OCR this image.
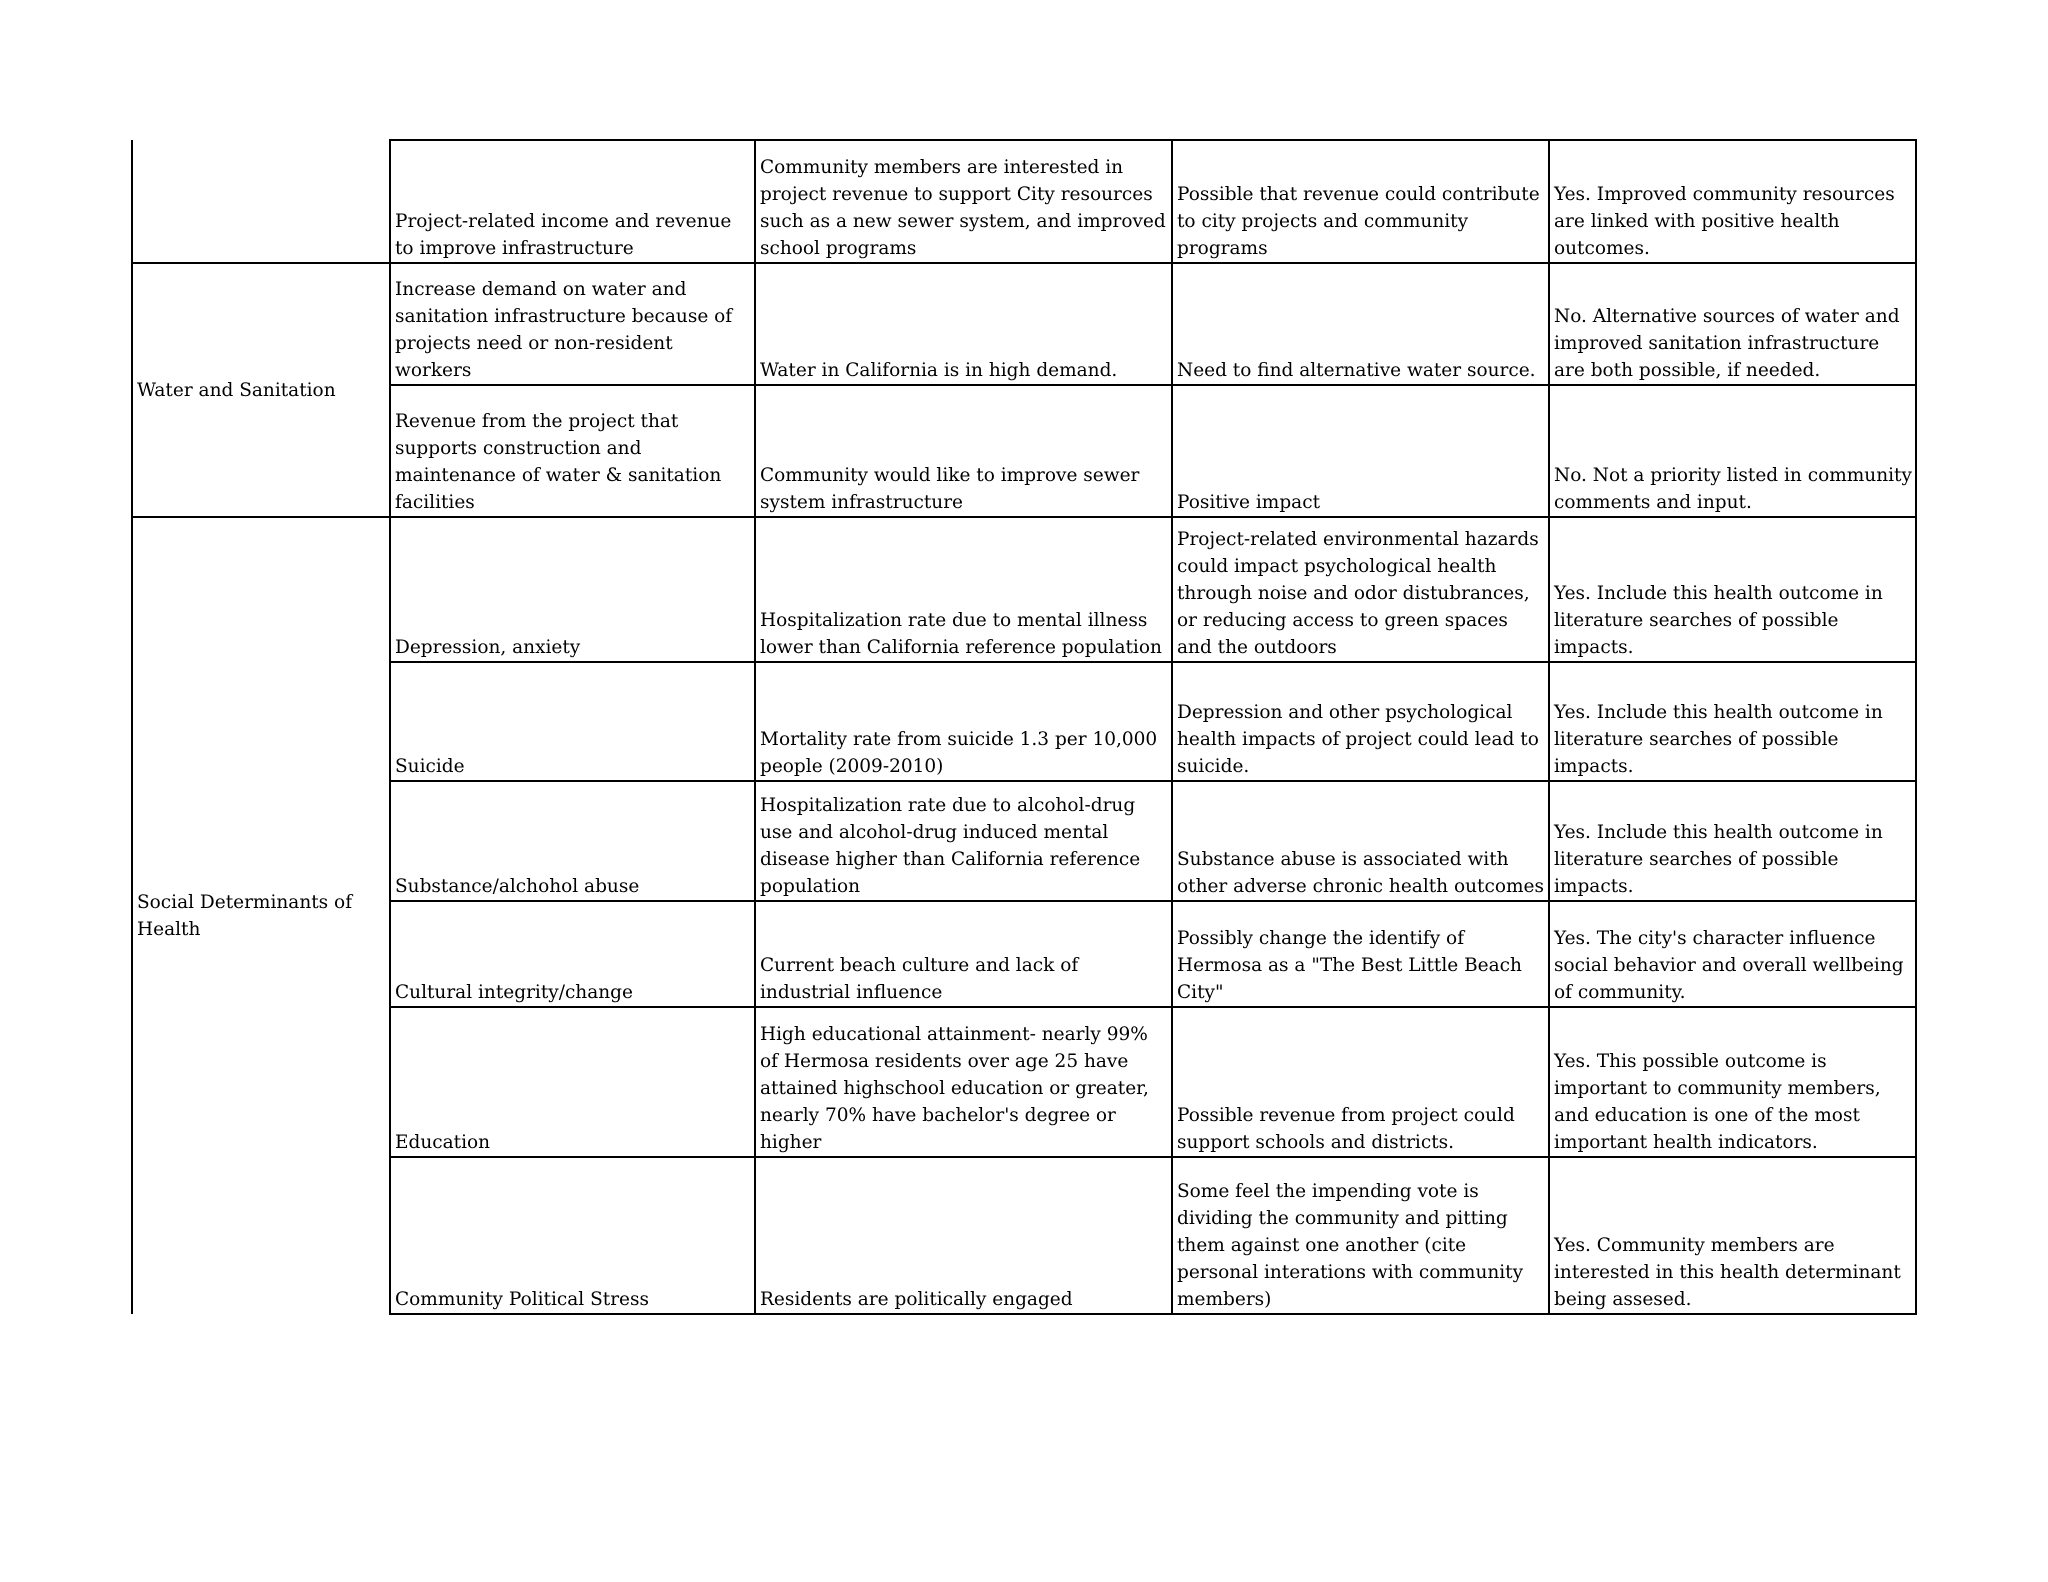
	Project-related income and revenue to improve infrastructure	Community members are interested in project revenue to support City resources such as a new sewer system, and improved school programs	Possible that revenue could contribute to city projects and community programs	Yes. Improved community resources are linked with positive health outcomes.
Water and Sanitation	Increase demand on water and sanitation infrastructure because of projects need or non-resident workers	Water in California is in high demand.	Need to find alternative water source.	No. Alternative sources of water and improved sanitation infrastructure are both possible, if needed.
	Revenue from the project that supports construction and maintenance of water & sanitation facilities	Community would like to improve sewer system infrastructure	Positive impact	No. Not a priority listed in community comments and input.
Social Determinants of Health	Depression, anxiety	Hospitalization rate due to mental illness lower than California reference population	Project-related environmental hazards could impact psychological health through noise and odor distubrances, or reducing access to green spaces and the outdoors	Yes. Include this health outcome in literature searches of possible impacts.
	Suicide	Mortality rate from suicide 1.3 per 10,000 people (2009-2010)	Depression and other psychological health impacts of project could lead to suicide.	Yes. Include this health outcome in literature searches of possible impacts.
	Substance/alchohol abuse	Hospitalization rate due to alcohol-drug use and alcohol-drug induced mental disease higher than California reference population	Substance abuse is associated with other adverse chronic health outcomes	Yes. Include this health outcome in literature searches of possible impacts.
	Cultural integrity/change	Current beach culture and lack of industrial influence	Possibly change the identify of Hermosa as a "The Best Little Beach City"	Yes. The city's character influence social behavior and overall wellbeing of community.
	Education	High educational attainment- nearly 99% of Hermosa residents over age 25 have attained highschool education or greater, nearly 70% have bachelor's degree or higher	Possible revenue from project could support schools and districts.	Yes. This possible outcome is important to community members, and education is one of the most important health indicators.
	Community Political Stress	Residents are politically engaged	Some feel the impending vote is dividing the community and pitting them against one another (cite personal interations with community members)	Yes. Community members are interested in this health determinant being assesed.
